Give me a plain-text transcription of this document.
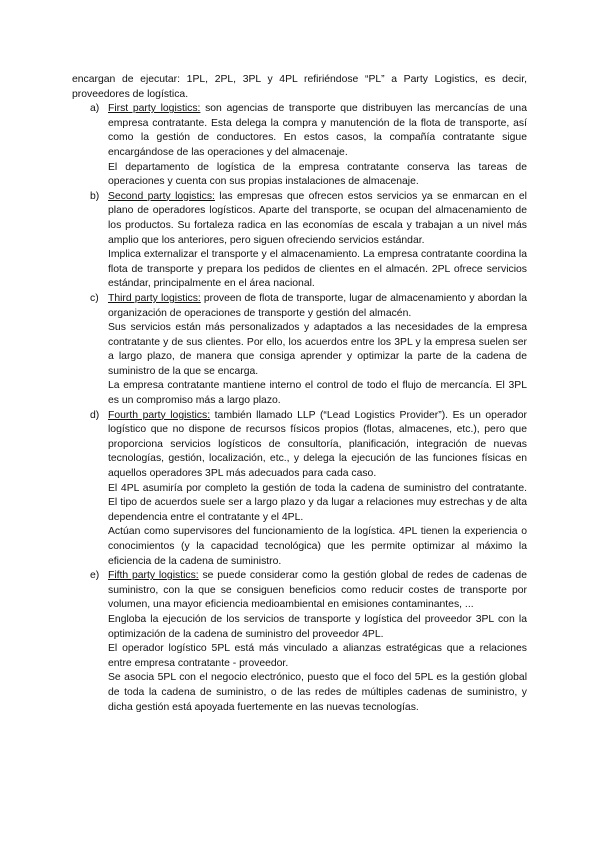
encargan de ejecutar: 1PL, 2PL, 3PL y 4PL refiriéndose “PL” a Party Logistics, es decir, proveedores de logística.

a) First party logistics: son agencias de transporte que distribuyen las mercancías de una empresa contratante. Esta delega la compra y manutención de la flota de transporte, así como la gestión de conductores. En estos casos, la compañía contratante sigue encargándose de las operaciones y del almacenaje.

El departamento de logística de la empresa contratante conserva las tareas de operaciones y cuenta con sus propias instalaciones de almacenaje.

b) Second party logistics: las empresas que ofrecen estos servicios ya se enmarcan en el plano de operadores logísticos. Aparte del transporte, se ocupan del almacenamiento de los productos. Su fortaleza radica en las economías de escala y trabajan a un nivel más amplio que los anteriores, pero siguen ofreciendo servicios estándar.

Implica externalizar el transporte y el almacenamiento. La empresa contratante coordina la flota de transporte y prepara los pedidos de clientes en el almacén. 2PL ofrece servicios estándar, principalmente en el área nacional.

c) Third party logistics: proveen de flota de transporte, lugar de almacenamiento y abordan la organización de operaciones de transporte y gestión del almacén.

Sus servicios están más personalizados y adaptados a las necesidades de la empresa contratante y de sus clientes. Por ello, los acuerdos entre los 3PL y la empresa suelen ser a largo plazo, de manera que consiga aprender y optimizar la parte de la cadena de suministro de la que se encarga.

La empresa contratante mantiene interno el control de todo el flujo de mercancía. El 3PL es un compromiso más a largo plazo.

d) Fourth party logistics: también llamado LLP (“Lead Logistics Provider”). Es un operador logístico que no dispone de recursos físicos propios (flotas, almacenes, etc.), pero que proporciona servicios logísticos de consultoría, planificación, integración de nuevas tecnologías, gestión, localización, etc., y delega la ejecución de las funciones físicas en aquellos operadores 3PL más adecuados para cada caso.

El 4PL asumiría por completo la gestión de toda la cadena de suministro del contratante. El tipo de acuerdos suele ser a largo plazo y da lugar a relaciones muy estrechas y de alta dependencia entre el contratante y el 4PL.

Actúan como supervisores del funcionamiento de la logística. 4PL tienen la experiencia o conocimientos (y la capacidad tecnológica) que les permite optimizar al máximo la eficiencia de la cadena de suministro.

e) Fifth party logistics: se puede considerar como la gestión global de redes de cadenas de suministro, con la que se consiguen beneficios como reducir costes de transporte por volumen, una mayor eficiencia medioambiental en emisiones contaminantes, ...

Engloba la ejecución de los servicios de transporte y logística del proveedor 3PL con la optimización de la cadena de suministro del proveedor 4PL.

El operador logístico 5PL está más vinculado a alianzas estratégicas que a relaciones entre empresa contratante - proveedor.

Se asocia 5PL con el negocio electrónico, puesto que el foco del 5PL es la gestión global de toda la cadena de suministro, o de las redes de múltiples cadenas de suministro, y dicha gestión está apoyada fuertemente en las nuevas tecnologías.
